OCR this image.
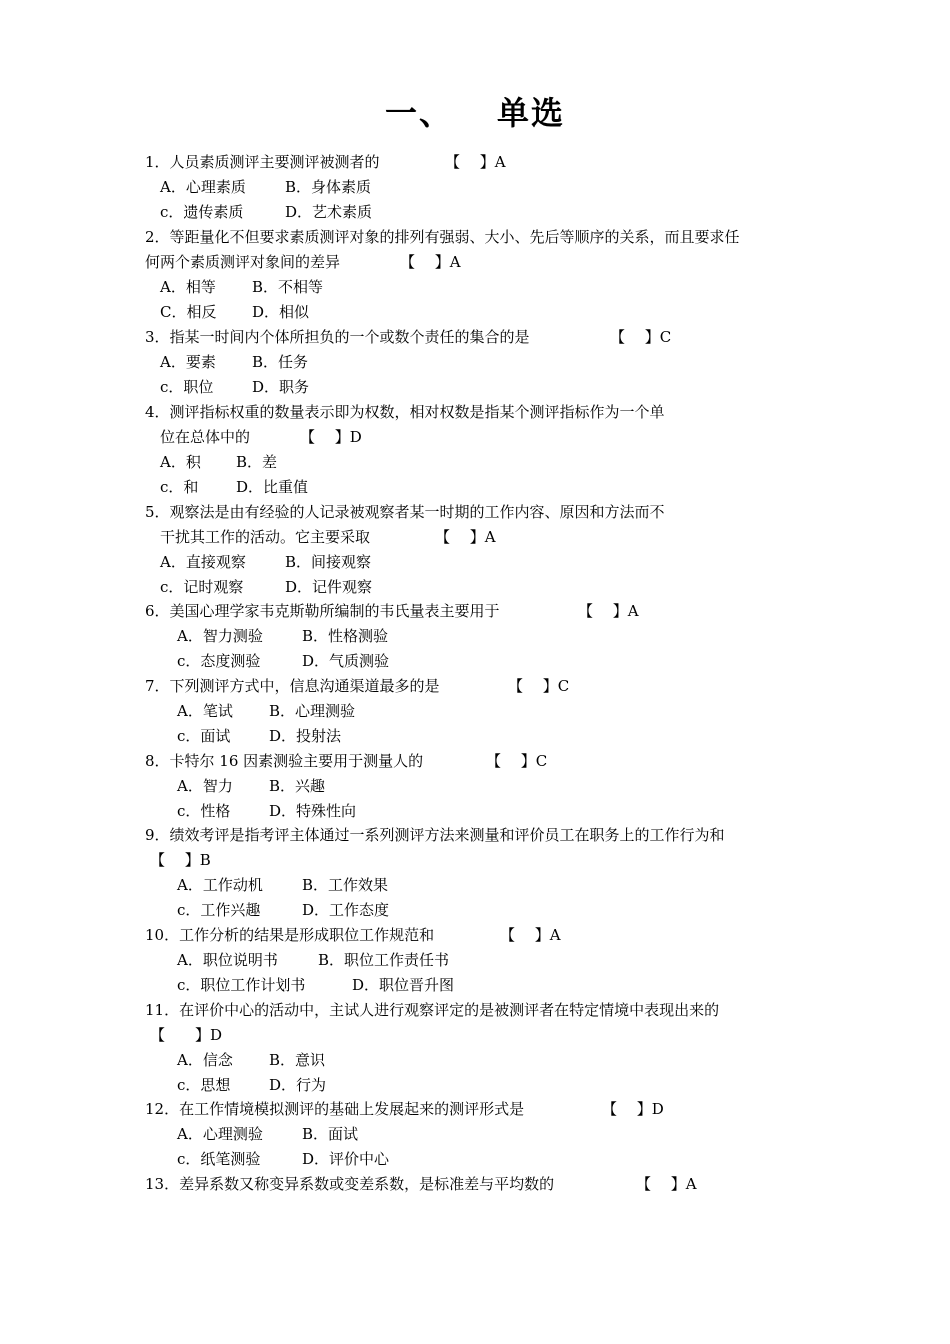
一、 单选
1．人员素质测评主要测评被测者的	【　 】A
A．心理素质	B．身体素质
c．遗传素质	D．艺术素质
2．等距量化不但要求素质测评对象的排列有强弱、大小、先后等顺序的关系，而且要求任
何两个素质测评对象间的差异	【　 】A
A．相等 B．不相等
C．相反 D．相似
3．指某一时间内个体所担负的一个或数个责任的集合的是	【　 】C
A．要素 B．任务
c．职位	D．职务
4．测评指标权重的数量表示即为权数，相对权数是指某个测评指标作为一个单
位在总体中的	【　 】D
A．积 B．差
c．和	D．比重值
5．观察法是由有经验的人记录被观察者某一时期的工作内容、原因和方法而不
干扰其工作的活动。它主要采取	【　 】A
A．直接观察	B．间接观察
c．记时观察	D．记件观察
6．美国心理学家韦克斯勒所编制的韦氏量表主要用于	【　 】A
A．智力测验	B．性格测验
c．态度测验	D．气质测验
7．下列测评方式中，信息沟通渠道最多的是	【　 】C
A．笔试 B．心理测验
c．面试	D．投射法
8．卡特尔 16 因素测验主要用于测量人的	【　 】C
A．智力 B．兴趣
c．性格	D．特殊性向
9．绩效考评是指考评主体通过一系列测评方法来测量和评价员工在职务上的工作行为和
【　 】B
A．工作动机	B．工作效果
c．工作兴趣	D．工作态度
10．工作分析的结果是形成职位工作规范和	【　 】A
A．职位说明书	B．职位工作责任书
c．职位工作计划书	D．职位晋升图
11．在评价中心的活动中，主试人进行观察评定的是被测评者在特定情境中表现出来的
【　　】D
A．信念 B．意识
c．思想	D．行为
12．在工作情境模拟测评的基础上发展起来的测评形式是	【　 】D
A．心理测验	B．面试
c．纸笔测验	D．评价中心
13．差异系数又称变异系数或变差系数，是标准差与平均数的	【　 】A
